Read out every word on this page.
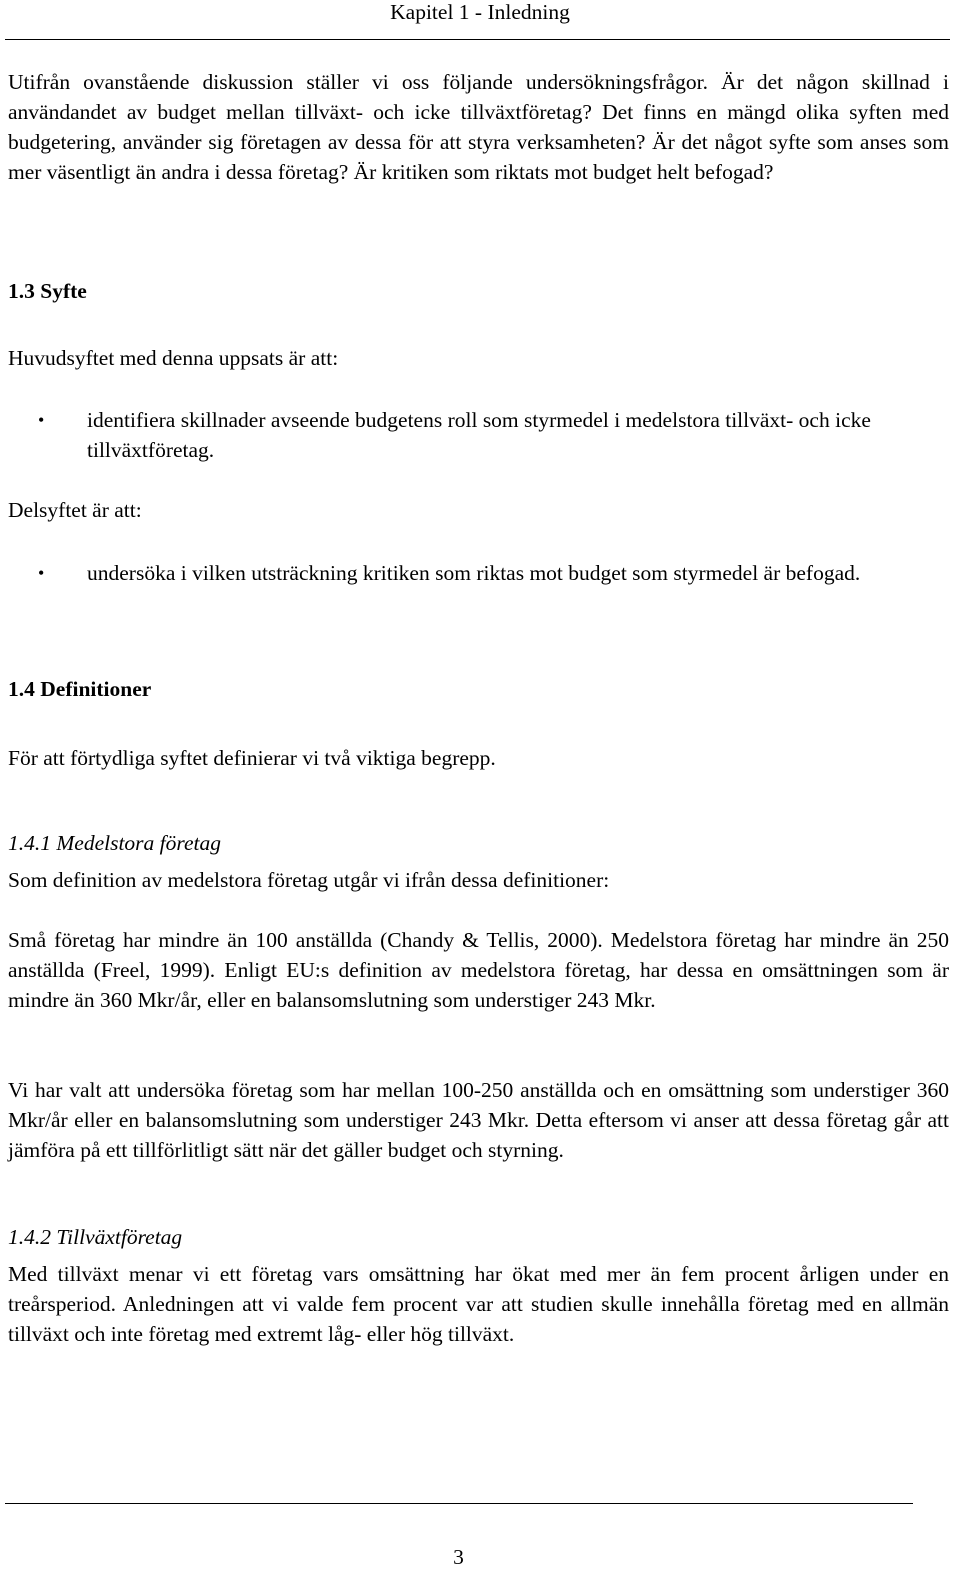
Kapitel 1 - Inledning
Utifrån ovanstående diskussion ställer vi oss följande undersökningsfrågor. Är det någon skillnad i användandet av budget mellan tillväxt- och icke tillväxtföretag? Det finns en mängd olika syften med budgetering, använder sig företagen av dessa för att styra verksamheten? Är det något syfte som anses som mer väsentligt än andra i dessa företag? Är kritiken som riktats mot budget helt befogad?
1.3 Syfte
Huvudsyftet med denna uppsats är att:
• identifiera skillnader avseende budgetens roll som styrmedel i medelstora tillväxt- och icke tillväxtföretag.
Delsyftet är att:
• undersöka i vilken utsträckning kritiken som riktas mot budget som styrmedel är befogad.
1.4 Definitioner
För att förtydliga syftet definierar vi två viktiga begrepp.
1.4.1 Medelstora företag
Som definition av medelstora företag utgår vi ifrån dessa definitioner:
Små företag har mindre än 100 anställda (Chandy & Tellis, 2000). Medelstora företag har mindre än 250 anställda (Freel, 1999). Enligt EU:s definition av medelstora företag, har dessa en omsättningen som är mindre än 360 Mkr/år, eller en balansomslutning som understiger 243 Mkr.
Vi har valt att undersöka företag som har mellan 100-250 anställda och en omsättning som understiger 360 Mkr/år eller en balansomslutning som understiger 243 Mkr. Detta eftersom vi anser att dessa företag går att jämföra på ett tillförlitligt sätt när det gäller budget och styrning.
1.4.2 Tillväxtföretag
Med tillväxt menar vi ett företag vars omsättning har ökat med mer än fem procent årligen under en treårsperiod. Anledningen att vi valde fem procent var att studien skulle innehålla företag med en allmän tillväxt och inte företag med extremt låg- eller hög tillväxt.
3
